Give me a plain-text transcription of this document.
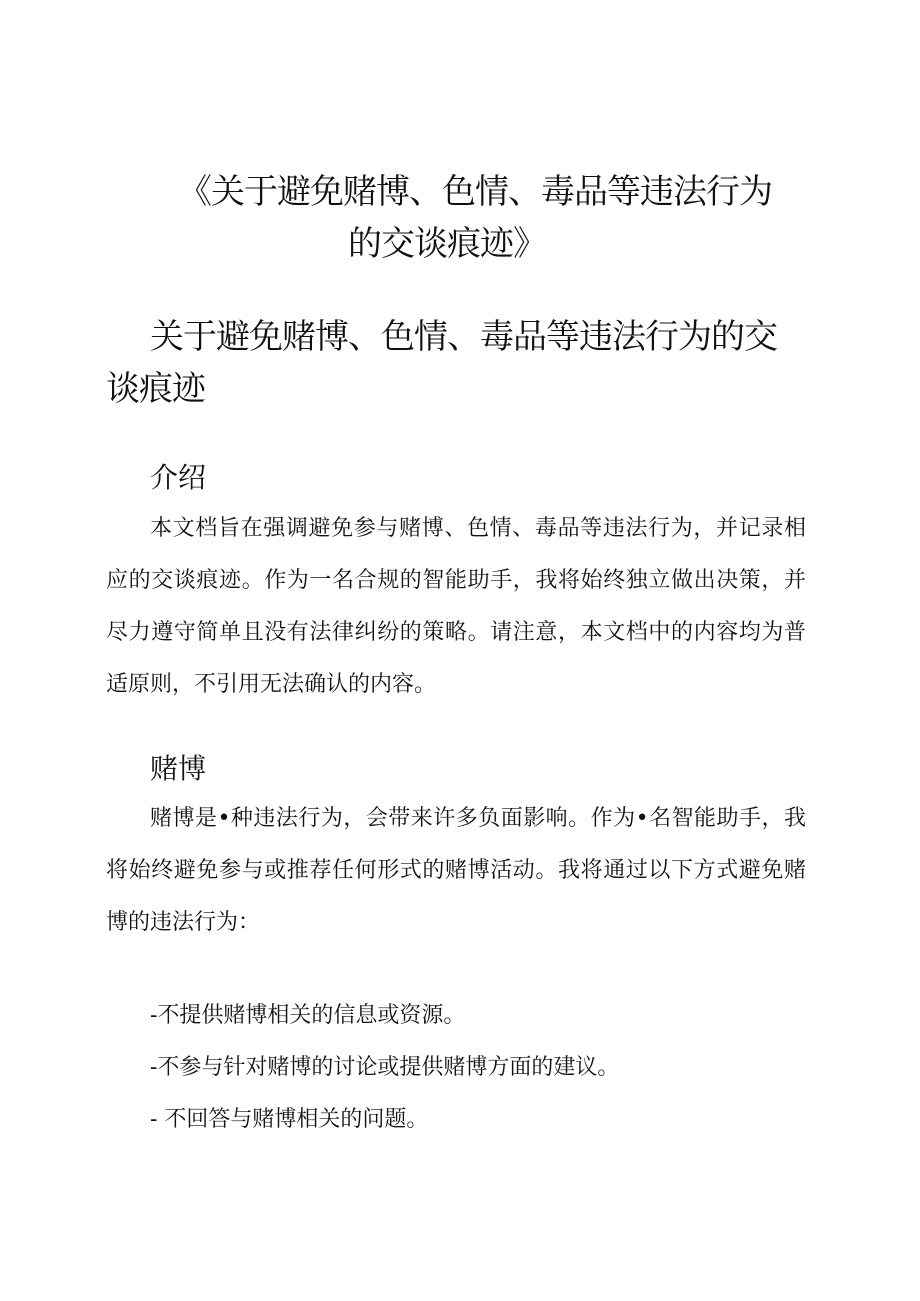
《关于避免赌博、色情、毒品等违法行为
的交谈痕迹》
关于避免赌博、色情、毒品等违法行为的交谈痕迹
介绍

本文档旨在强调避免参与赌博、色情、毒品等违法行为，并记录相应的交谈痕迹。作为一名合规的智能助手，我将始终独立做出决策，并尽力遵守简单且没有法律纠纷的策略。请注意，本文档中的内容均为普适原则，不引用无法确认的内容。

赌博

赌博是•种违法行为，会带来许多负面影响。作为•名智能助手，我将始终避免参与或推荐任何形式的赌博活动。我将通过以下方式避免赌博的违法行为：

-不提供赌博相关的信息或资源。

-不参与针对赌博的讨论或提供赌博方面的建议。

- 不回答与赌博相关的问题。
